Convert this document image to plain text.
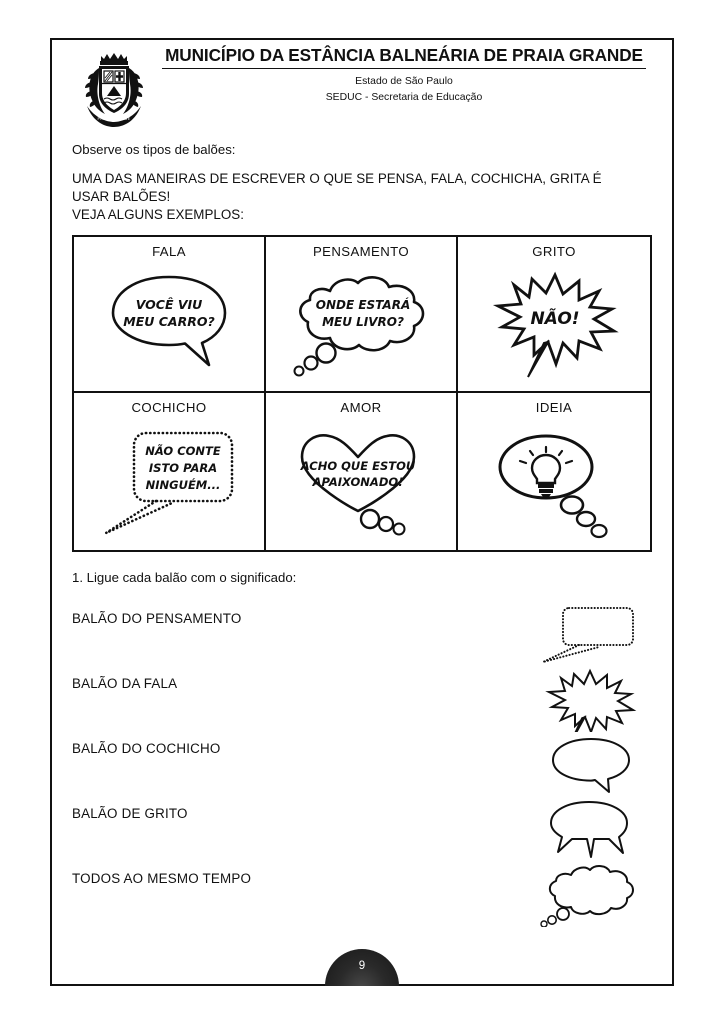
PRAIA GRANDE
MUNICÍPIO DA ESTÂNCIA BALNEÁRIA DE PRAIA GRANDE
Estado de São Paulo
SEDUC - Secretaria de Educação
Observe os tipos de balões:
UMA DAS MANEIRAS DE ESCREVER O QUE SE PENSA, FALA, COCHICHA, GRITA É
USAR BALÕES!
VEJA ALGUNS EXEMPLOS:
FALA
VOCÊ VIU
MEU CARRO?
PENSAMENTO
ONDE ESTARÁ
MEU LIVRO?
GRITO
NÃO!
COCHICHO
NÃO CONTE
ISTO PARA
NINGUÉM...
AMOR
ACHO QUE ESTOU
APAIXONADO!
IDEIA
1. Ligue cada balão com o significado:
BALÃO DO PENSAMENTO
BALÃO DA FALA
BALÃO DO COCHICHO
BALÃO DE GRITO
TODOS AO MESMO TEMPO
9
